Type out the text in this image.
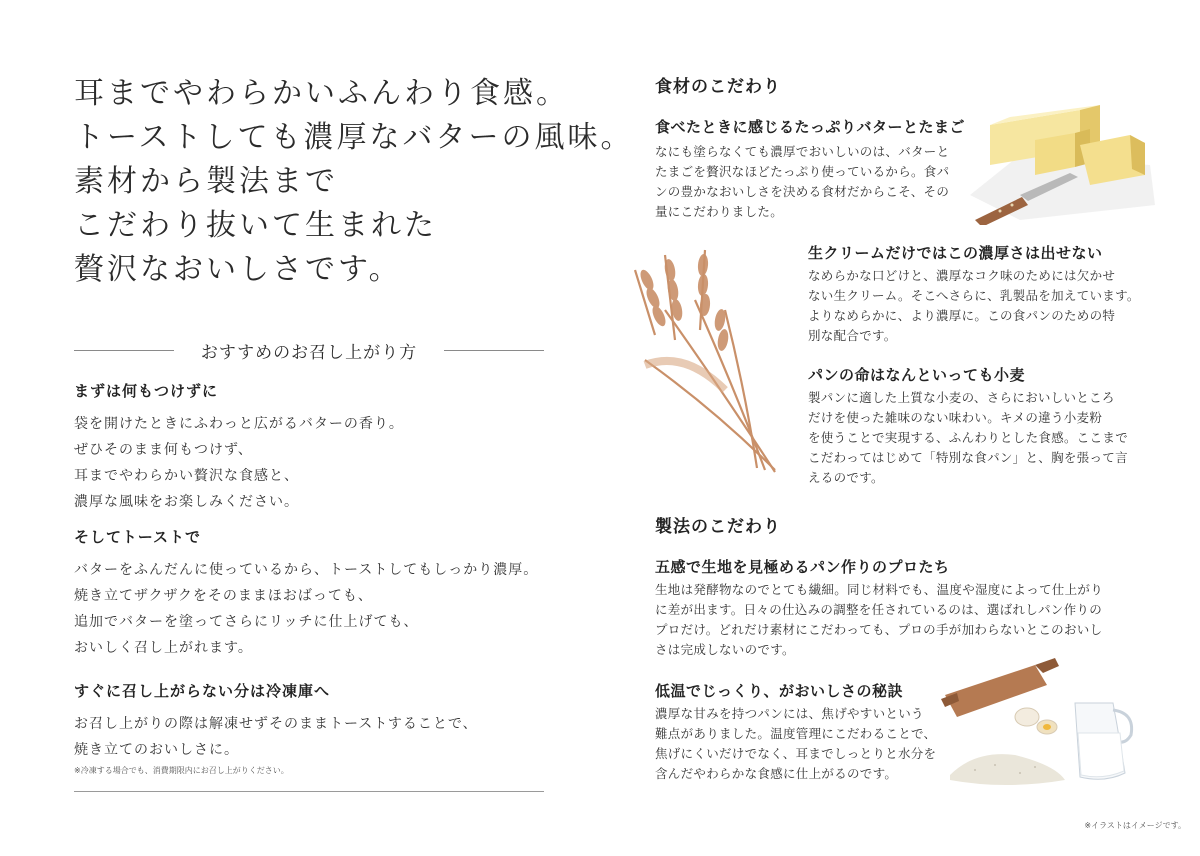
耳までやわらかいふんわり食感。
トーストしても濃厚なバターの風味。
素材から製法まで
こだわり抜いて生まれた
贅沢なおいしさです。
おすすめのお召し上がり方
まずは何もつけずに

袋を開けたときにふわっと広がるバターの香り。

ぜひそのまま何もつけず、

耳までやわらかい贅沢な食感と、

濃厚な風味をお楽しみください。

そしてトーストで

バターをふんだんに使っているから、トーストしてもしっかり濃厚。

焼き立てザクザクをそのままほおばっても、

追加でバターを塗ってさらにリッチに仕上げても、

おいしく召し上がれます。

すぐに召し上がらない分は冷凍庫へ

お召し上がりの際は解凍せずそのままトーストすることで、

焼き立てのおいしさに。

※冷凍する場合でも、消費期限内にお召し上がりください。

食材のこだわり
食べたときに感じるたっぷりバターとたまご
なにも塗らなくても濃厚でおいしいのは、バターと
たまごを贅沢なほどたっぷり使っているから。食パ
ンの豊かなおいしさを決める食材だからこそ、その
量にこだわりました。
生クリームだけではこの濃厚さは出せない
なめらかな口どけと、濃厚なコク味のためには欠かせ
ない生クリーム。そこへさらに、乳製品を加えています。
よりなめらかに、より濃厚に。この食パンのための特
別な配合です。
パンの命はなんといっても小麦
製パンに適した上質な小麦の、さらにおいしいところ
だけを使った雑味のない味わい。キメの違う小麦粉
を使うことで実現する、ふんわりとした食感。ここまで
こだわってはじめて「特別な食パン」と、胸を張って言
えるのです。
製法のこだわり
五感で生地を見極めるパン作りのプロたち
生地は発酵物なのでとても繊細。同じ材料でも、温度や湿度によって仕上がり
に差が出ます。日々の仕込みの調整を任されているのは、選ばれしパン作りの
プロだけ。どれだけ素材にこだわっても、プロの手が加わらないとこのおいし
さは完成しないのです。
低温でじっくり、がおいしさの秘訣
濃厚な甘みを持つパンには、焦げやすいという
難点がありました。温度管理にこだわることで、
焦げにくいだけでなく、耳までしっとりと水分を
含んだやわらかな食感に仕上がるのです。
※イラストはイメージです。
